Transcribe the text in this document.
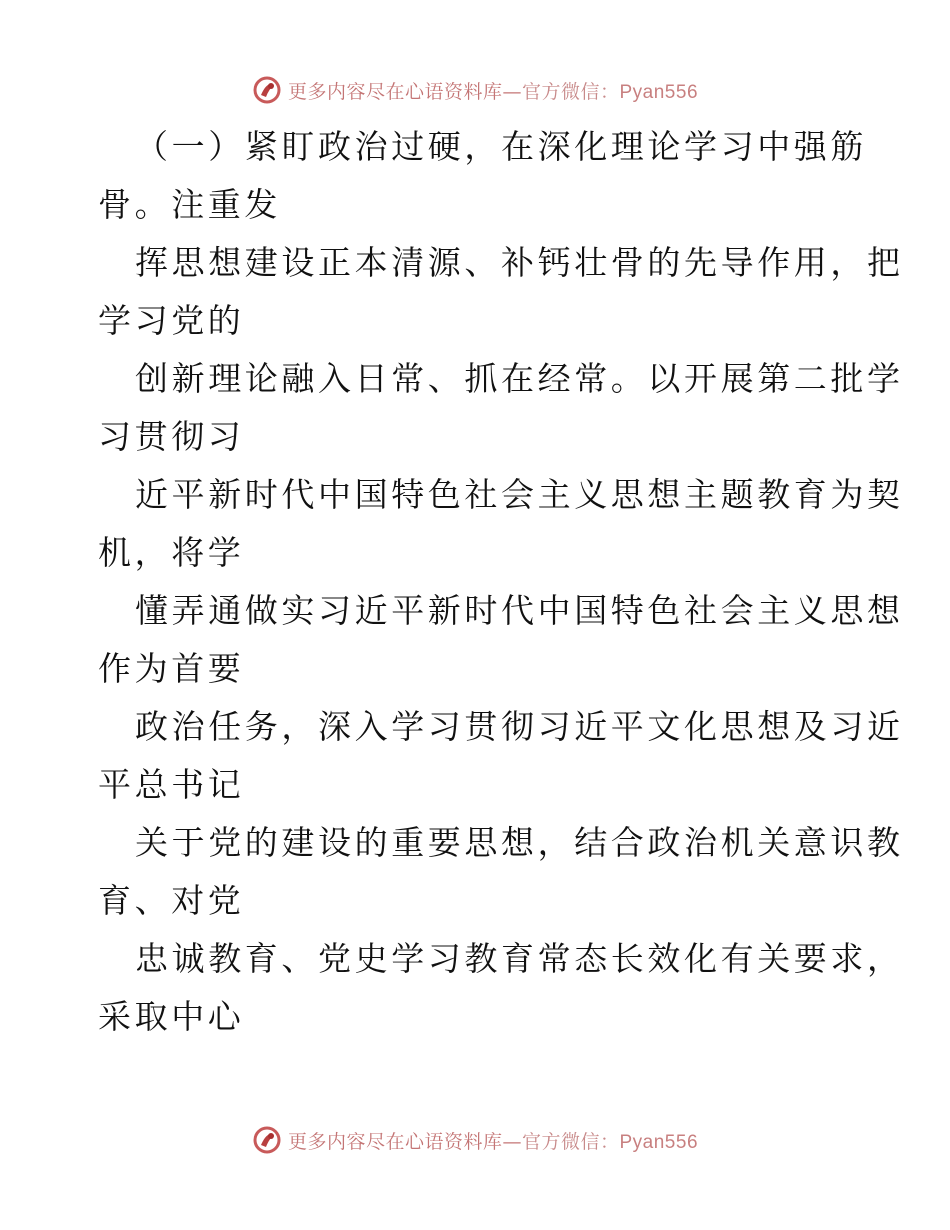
更多内容尽在心语资料库—官方微信：Pyan556
（一）紧盯政治过硬，在深化理论学习中强筋
骨。注重发
挥思想建设正本清源、补钙壮骨的先导作用，把
学习党的
创新理论融入日常、抓在经常。以开展第二批学
习贯彻习
近平新时代中国特色社会主义思想主题教育为契
机，将学
懂弄通做实习近平新时代中国特色社会主义思想
作为首要
政治任务，深入学习贯彻习近平文化思想及习近
平总书记
关于党的建设的重要思想，结合政治机关意识教
育、对党
忠诚教育、党史学习教育常态长效化有关要求，
采取中心
更多内容尽在心语资料库—官方微信：Pyan556
